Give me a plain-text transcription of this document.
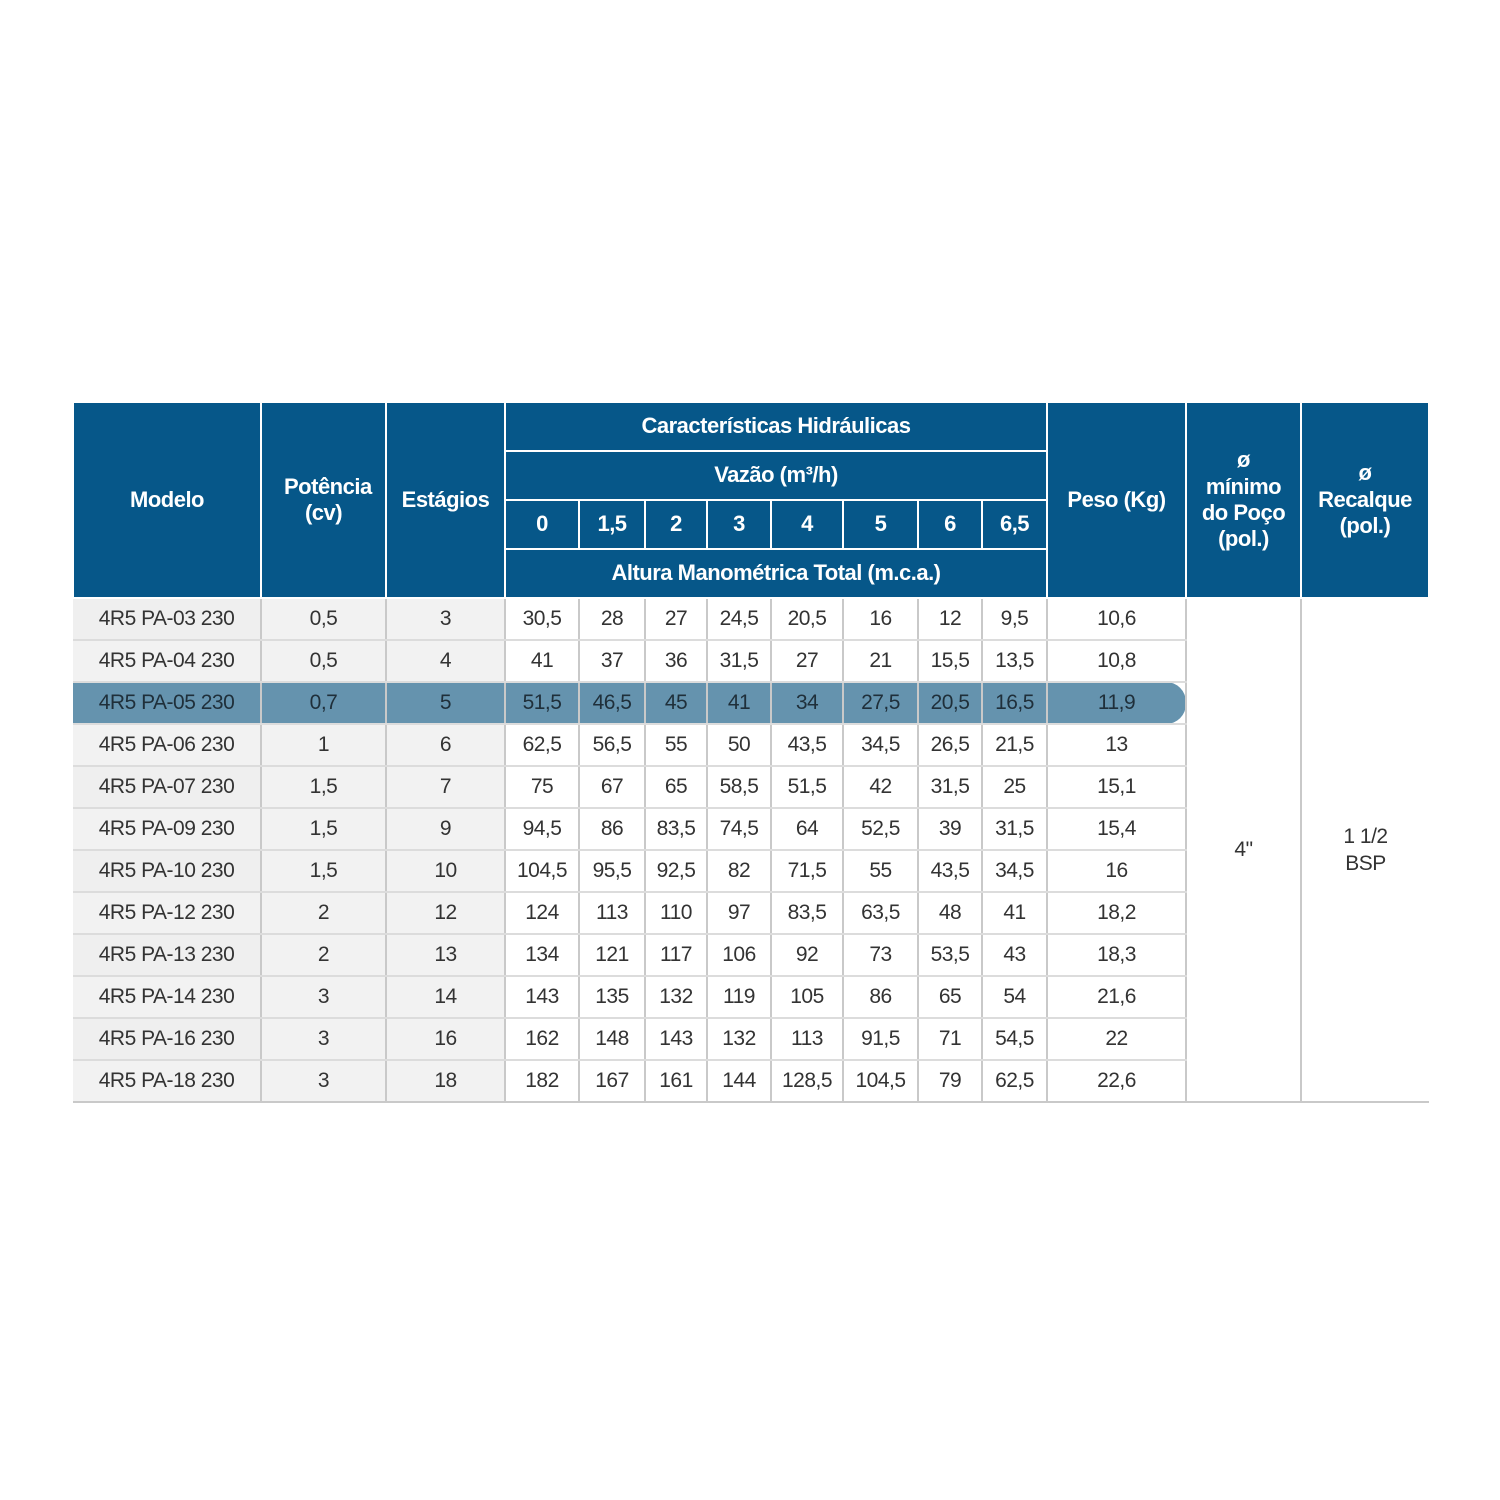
Modelo	Potência (cv)	Estágios	Características Hidráulicas								Peso (Kg)	ø mínimo do Poço (pol.)	ø Recalque (pol.)
			Vazão (m³/h)										
			0	1,5	2	3	4	5	6	6,5			
			Altura Manométrica Total (m.c.a.)										
4R5 PA-03 230	0,5	3	30,5	28	27	24,5	20,5	16	12	9,5	10,6	4"	1 1/2
BSP

4R5 PA-04 230	0,5	4	41	37	36	31,5	27	21	15,5	13,5	10,8		
4R5 PA-05 230	0,7	5	51,5	46,5	45	41	34	27,5	20,5	16,5	11,9		
4R5 PA-06 230	1	6	62,5	56,5	55	50	43,5	34,5	26,5	21,5	13		
4R5 PA-07 230	1,5	7	75	67	65	58,5	51,5	42	31,5	25	15,1		
4R5 PA-09 230	1,5	9	94,5	86	83,5	74,5	64	52,5	39	31,5	15,4		
4R5 PA-10 230	1,5	10	104,5	95,5	92,5	82	71,5	55	43,5	34,5	16		
4R5 PA-12 230	2	12	124	113	110	97	83,5	63,5	48	41	18,2		
4R5 PA-13 230	2	13	134	121	117	106	92	73	53,5	43	18,3		
4R5 PA-14 230	3	14	143	135	132	119	105	86	65	54	21,6		
4R5 PA-16 230	3	16	162	148	143	132	113	91,5	71	54,5	22		
4R5 PA-18 230	3	18	182	167	161	144	128,5	104,5	79	62,5	22,6		
